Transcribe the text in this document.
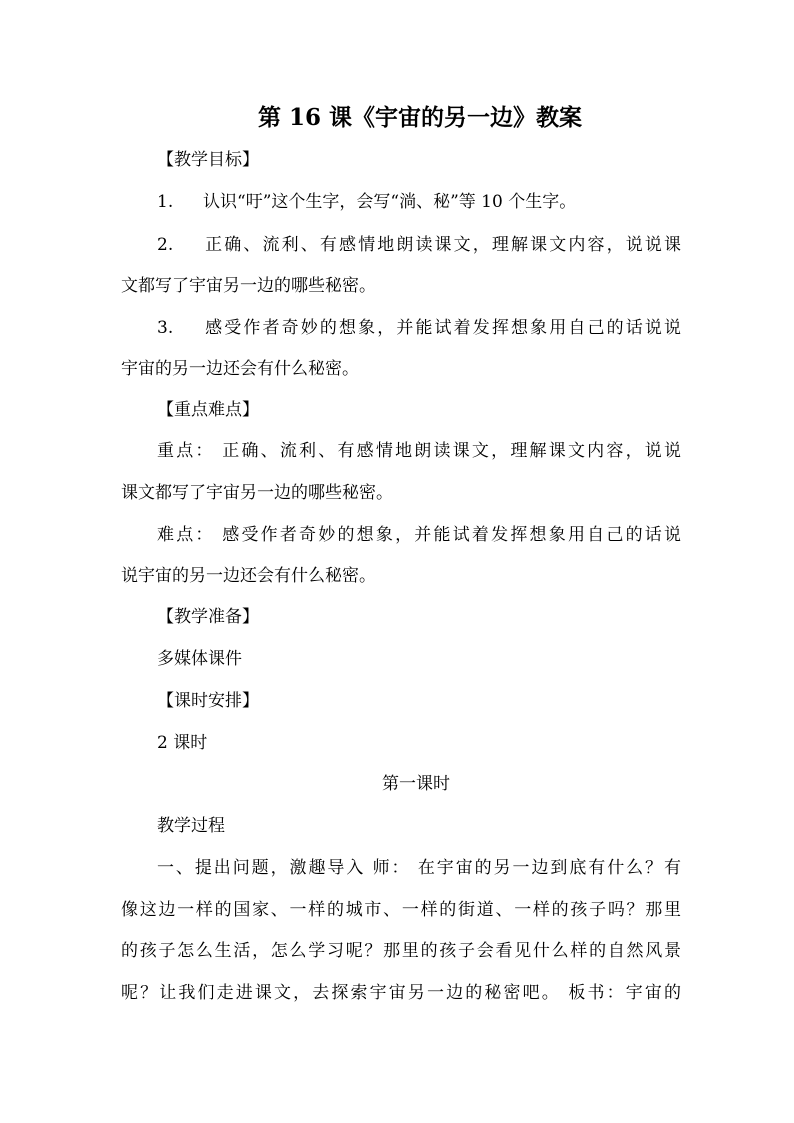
第 16 课《宇宙的另一边》教案
【教学目标】
1. 认识“吁”这个生字，会写“淌、秘”等 10 个生字。
2. 正确、流利、有感情地朗读课文，理解课文内容，说说课
文都写了宇宙另一边的哪些秘密。
3. 感受作者奇妙的想象，并能试着发挥想象用自己的话说说
宇宙的另一边还会有什么秘密。
【重点难点】
重点： 正确、流利、有感情地朗读课文，理解课文内容，说说
课文都写了宇宙另一边的哪些秘密。
难点： 感受作者奇妙的想象，并能试着发挥想象用自己的话说
说宇宙的另一边还会有什么秘密。
【教学准备】
多媒体课件
【课时安排】
2 课时
第一课时
教学过程
一、提出问题，激趣导入 师： 在宇宙的另一边到底有什么？有
像这边一样的国家、一样的城市、一样的街道、一样的孩子吗？那里
的孩子怎么生活，怎么学习呢？那里的孩子会看见什么样的自然风景
呢？让我们走进课文，去探索宇宙另一边的秘密吧。 板书：宇宙的
